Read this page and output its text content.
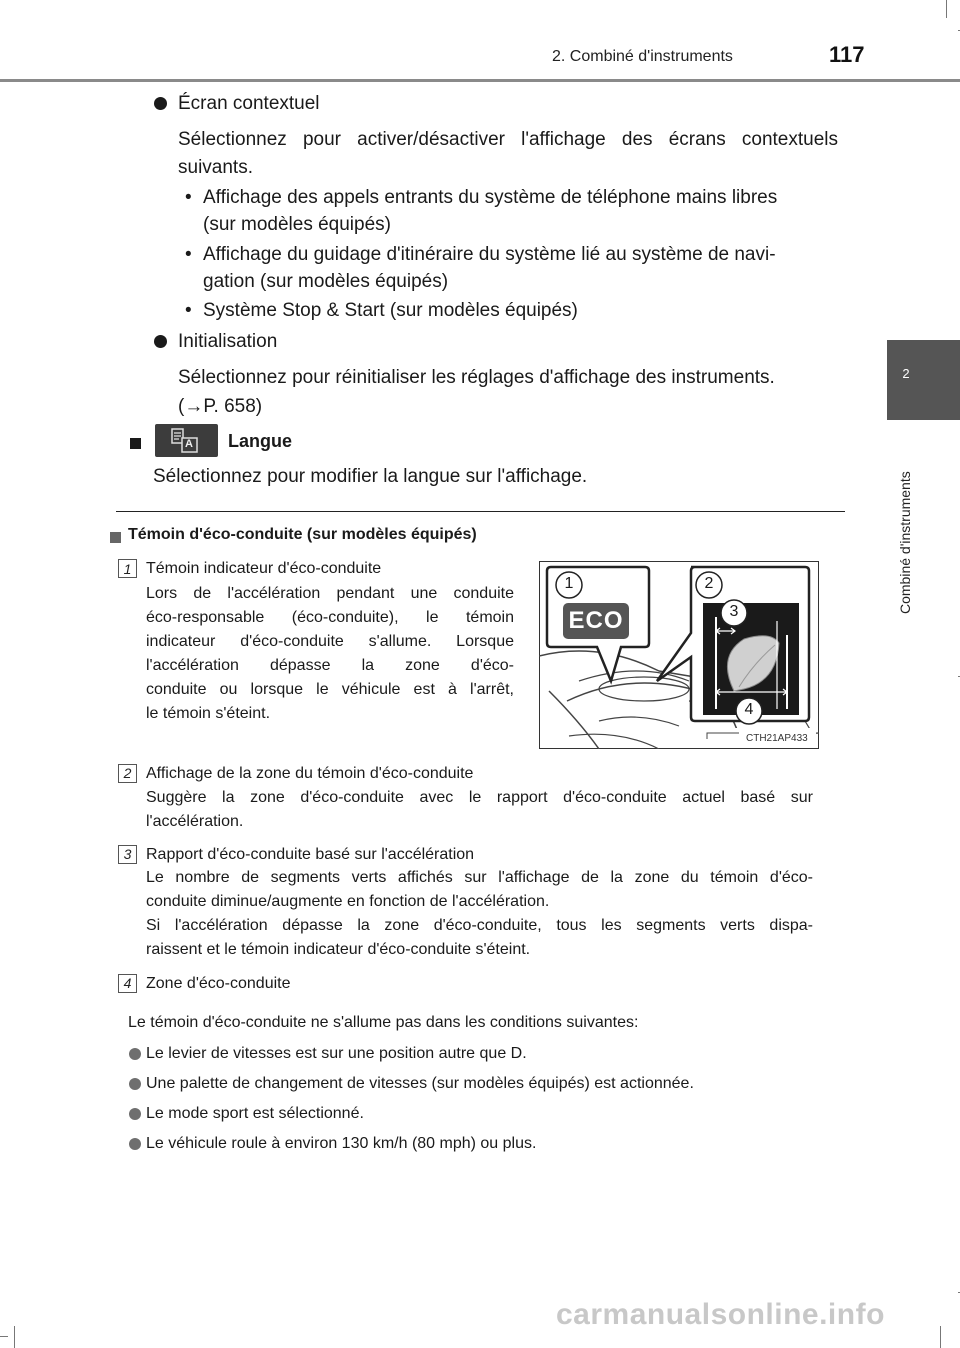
2. Combiné d'instruments	117
2
Combiné d'instruments
Écran contextuel
Sélectionnez pour activer/désactiver l'affichage des écrans contextuels suivants.
• Affichage des appels entrants du système de téléphone mains libres
(sur modèles équipés)
• Affichage du guidage d'itinéraire du système lié au système de navi-
gation (sur modèles équipés)
• Système Stop & Start (sur modèles équipés)
Initialisation
Sélectionnez pour réinitialiser les réglages d'affichage des instruments.
(→P. 658)
A Langue
Sélectionnez pour modifier la langue sur l'affichage.
Témoin d'éco-conduite (sur modèles équipés)
1 Témoin indicateur d'éco-conduite
Lors de l'accélération pendant une conduite
éco-responsable (éco-conduite), le témoin
indicateur d'éco-conduite s'allume. Lorsque
l'accélération dépasse la zone d'éco-
conduite ou lorsque le véhicule est à l'arrêt,
le témoin s'éteint.
ECO
1	2
3
4
CTH21AP433
2 Affichage de la zone du témoin d'éco-conduite
Suggère la zone d'éco-conduite avec le rapport d'éco-conduite actuel basé sur
l'accélération.
3 Rapport d'éco-conduite basé sur l'accélération
Le nombre de segments verts affichés sur l'affichage de la zone du témoin d'éco-
conduite diminue/augmente en fonction de l'accélération.
Si l'accélération dépasse la zone d'éco-conduite, tous les segments verts dispa-
raissent et le témoin indicateur d'éco-conduite s'éteint.
4 Zone d'éco-conduite
Le témoin d'éco-conduite ne s'allume pas dans les conditions suivantes:
Le levier de vitesses est sur une position autre que D.
Une palette de changement de vitesses (sur modèles équipés) est actionnée.
Le mode sport est sélectionné.
Le véhicule roule à environ 130 km/h (80 mph) ou plus.
carmanualsonline.info
